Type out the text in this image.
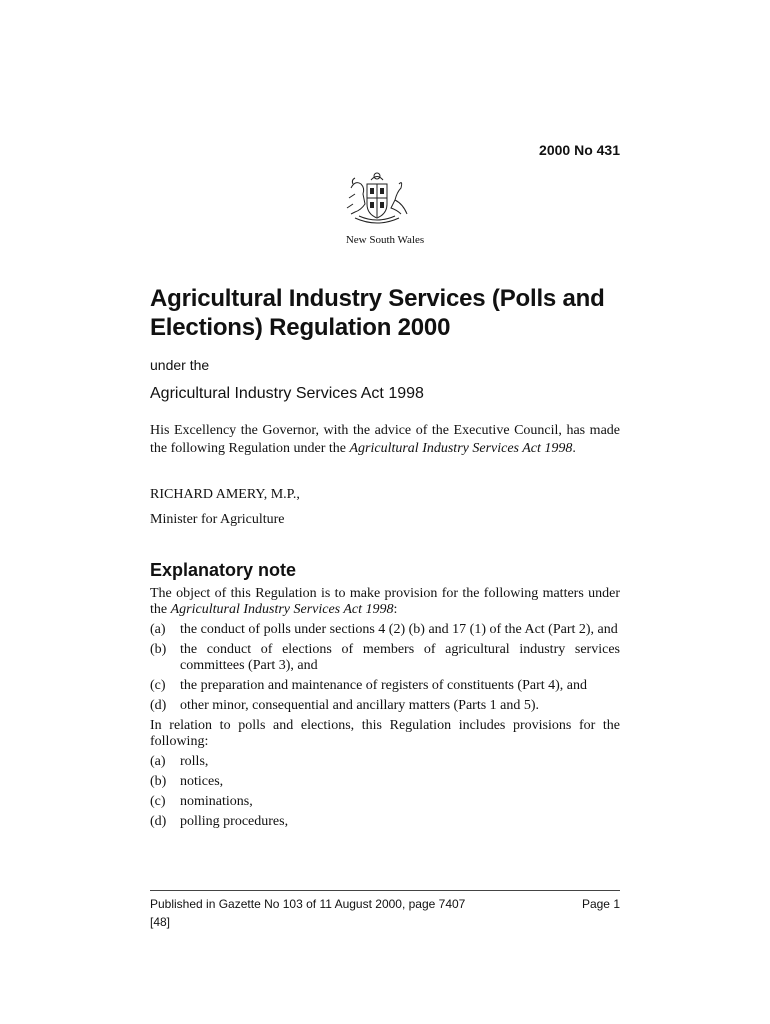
2000 No 431
New South Wales
Agricultural Industry Services (Polls and Elections) Regulation 2000
under the
Agricultural Industry Services Act 1998

His Excellency the Governor, with the advice of the Executive Council, has made the following Regulation under the Agricultural Industry Services Act 1998.

RICHARD AMERY, M.P.,
Minister for Agriculture
Explanatory note

The object of this Regulation is to make provision for the following matters under the Agricultural Industry Services Act 1998:

(a) the conduct of polls under sections 4 (2) (b) and 17 (1) of the Act (Part 2), and
(b) the conduct of elections of members of agricultural industry services committees (Part 3), and
(c) the preparation and maintenance of registers of constituents (Part 4), and
(d) other minor, consequential and ancillary matters (Parts 1 and 5).

In relation to polls and elections, this Regulation includes provisions for the following:

(a) rolls,
(b) notices,
(c) nominations,
(d) polling procedures,
Published in Gazette No 103 of 11 August 2000, page 7407	Page 1
[48]
